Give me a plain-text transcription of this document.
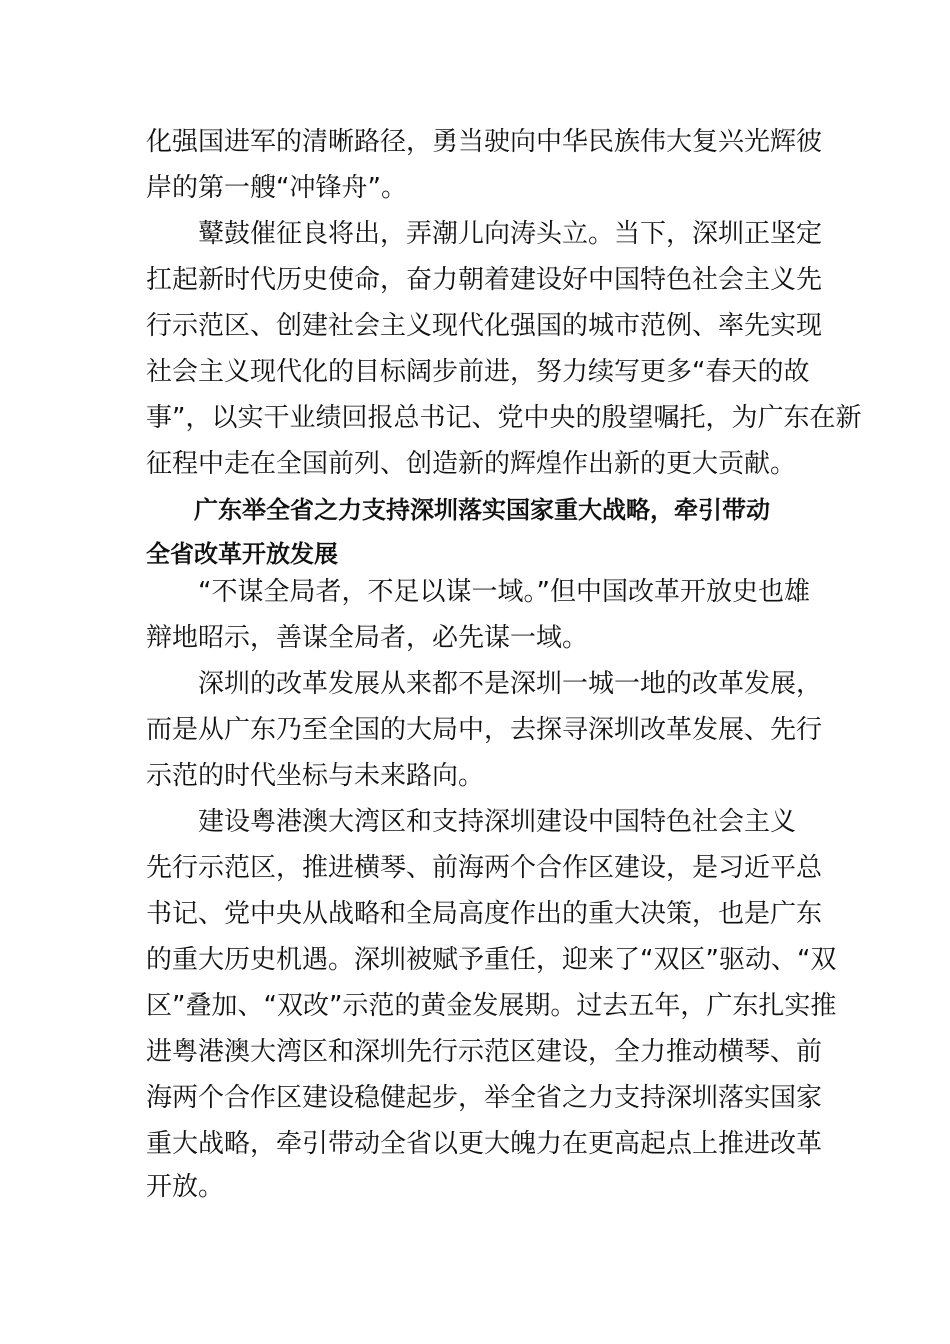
化强国进军的清晰路径，勇当驶向中华民族伟大复兴光辉彼
岸的第一艘“冲锋舟”。
　　鼙鼓催征良将出，弄潮儿向涛头立。当下，深圳正坚定
扛起新时代历史使命，奋力朝着建设好中国特色社会主义先
行示范区、创建社会主义现代化强国的城市范例、率先实现
社会主义现代化的目标阔步前进，努力续写更多“春天的故
事”，以实干业绩回报总书记、党中央的殷望嘱托，为广东在新
征程中走在全国前列、创造新的辉煌作出新的更大贡献。
　　广东举全省之力支持深圳落实国家重大战略，牵引带动
全省改革开放发展
　　“不谋全局者，不足以谋一域。”但中国改革开放史也雄
辩地昭示，善谋全局者，必先谋一域。
　　深圳的改革发展从来都不是深圳一城一地的改革发展，
而是从广东乃至全国的大局中，去探寻深圳改革发展、先行
示范的时代坐标与未来路向。
　　建设粤港澳大湾区和支持深圳建设中国特色社会主义
先行示范区，推进横琴、前海两个合作区建设，是习近平总
书记、党中央从战略和全局高度作出的重大决策，也是广东
的重大历史机遇。深圳被赋予重任，迎来了“双区”驱动、“双
区”叠加、“双改”示范的黄金发展期。过去五年，广东扎实推
进粤港澳大湾区和深圳先行示范区建设，全力推动横琴、前
海两个合作区建设稳健起步，举全省之力支持深圳落实国家
重大战略，牵引带动全省以更大魄力在更高起点上推进改革
开放。
